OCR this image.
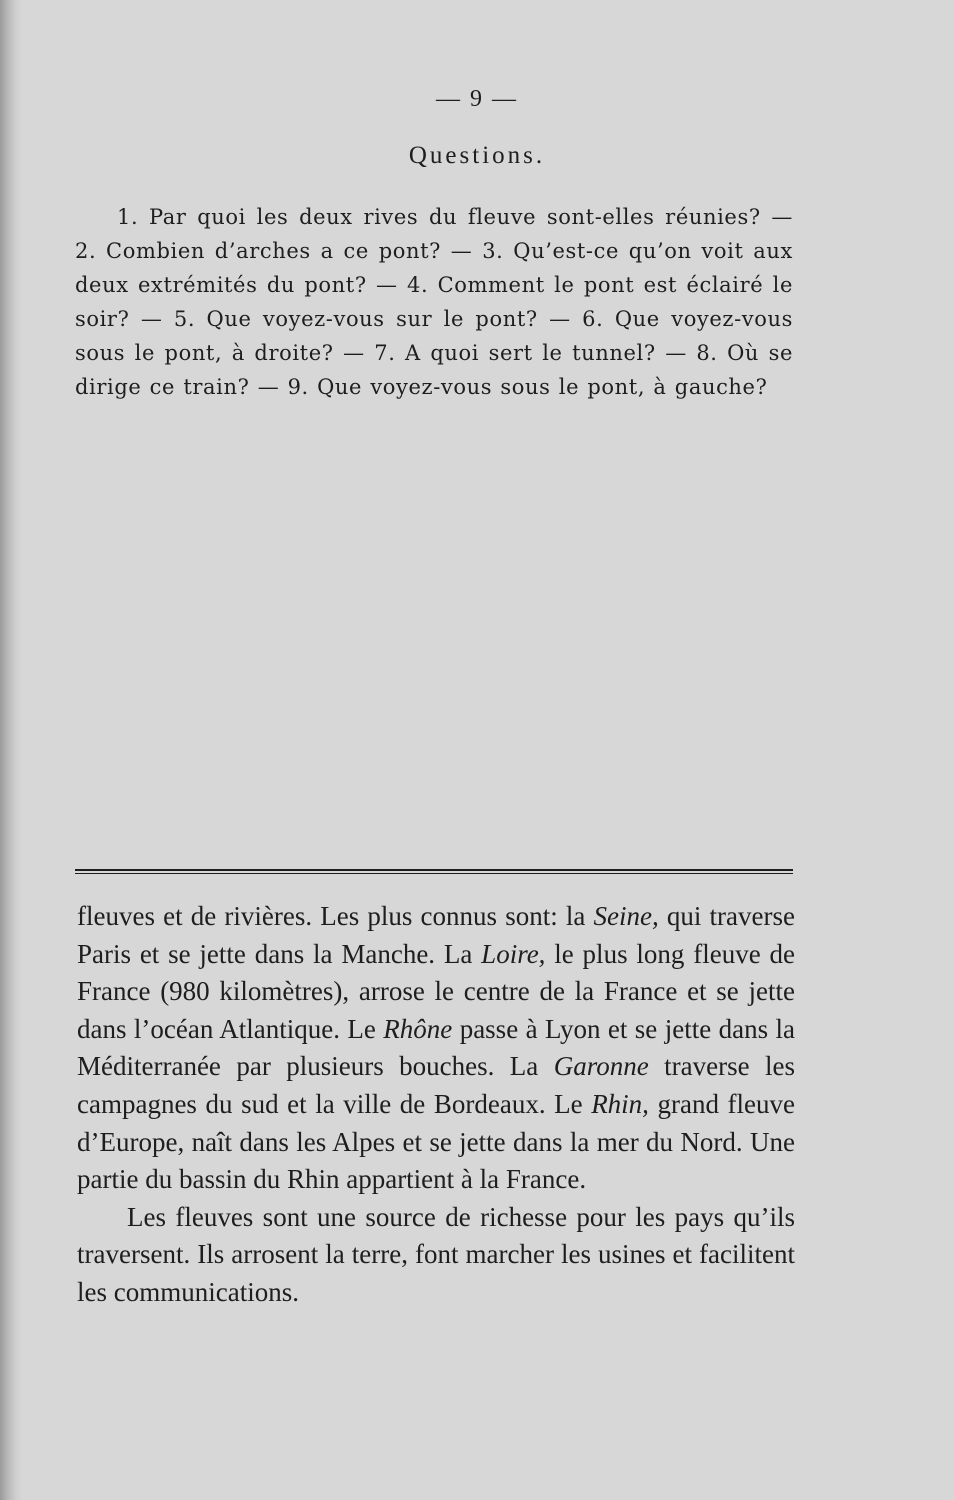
— 9 —
Questions.

1. Par quoi les deux rives du fleuve sont-elles réunies? — 2. Combien d’arches a ce pont? — 3. Qu’est-ce qu’on voit aux deux extrémités du pont? — 4. Comment le pont est éclairé le soir? — 5. Que voyez-vous sur le pont? — 6. Que voyez-vous sous le pont, à droite? — 7. A quoi sert le tunnel? — 8. Où se dirige ce train? — 9. Que voyez-vous sous le pont, à gauche?

fleuves et de rivières. Les plus connus sont: la Seine, qui traverse Paris et se jette dans la Manche. La Loire, le plus long fleuve de France (980 kilomètres), arrose le centre de la France et se jette dans l’océan Atlantique. Le Rhône passe à Lyon et se jette dans la Méditerranée par plusieurs bouches. La Garonne traverse les campagnes du sud et la ville de Bordeaux. Le Rhin, grand fleuve d’Europe, naît dans les Alpes et se jette dans la mer du Nord. Une partie du bassin du Rhin appartient à la France.

Les fleuves sont une source de richesse pour les pays qu’ils traversent. Ils arrosent la terre, font marcher les usines et facilitent les communications.
